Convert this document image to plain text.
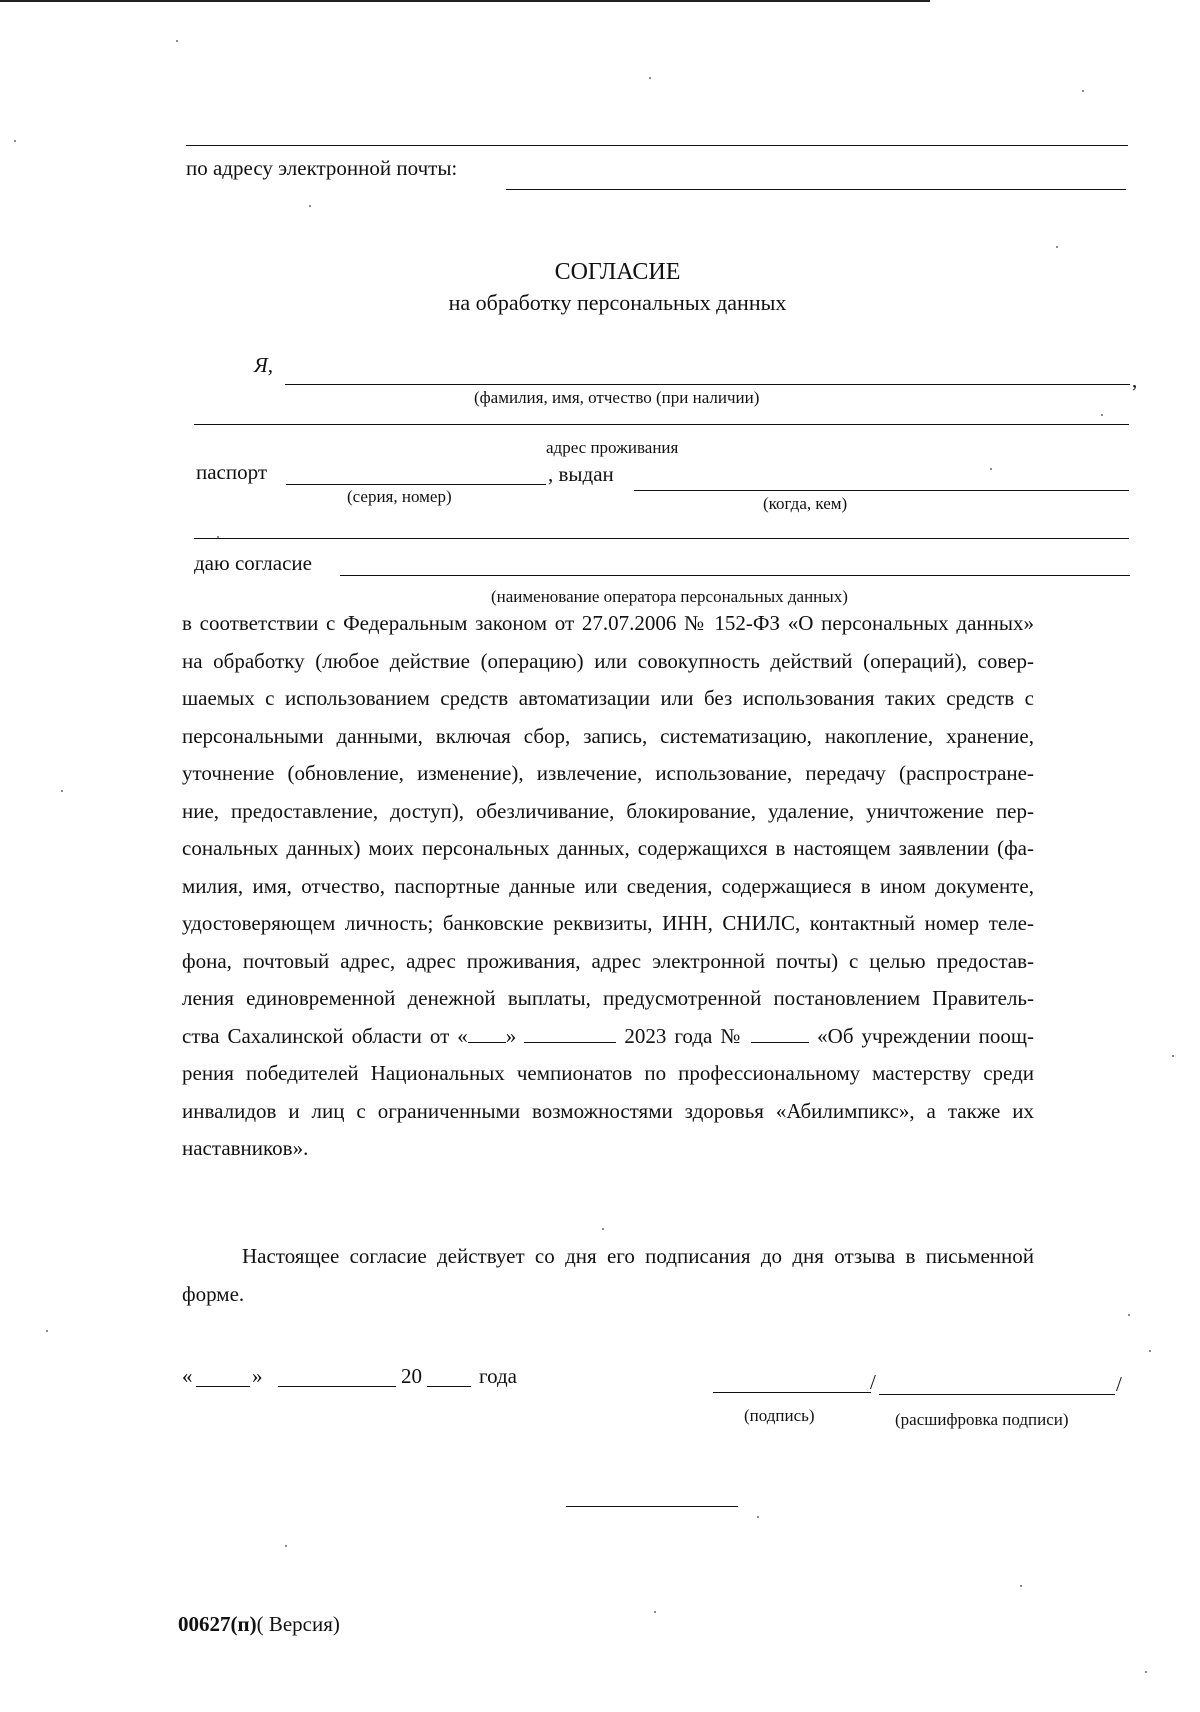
по адресу электронной почты:
СОГЛАСИЕ
на обработку персональных данных
Я,
,
(фамилия, имя, отчество (при наличии)
адрес проживания
паспорт	, выдан
(серия, номер)	(когда, кем)
даю согласие
(наименование оператора персональных данных)
в соответствии с Федеральным законом от 27.07.2006 № 152-ФЗ «О персональных данных»
на обработку (любое действие (операцию) или совокупность действий (операций), совер-
шаемых с использованием средств автоматизации или без использования таких средств с
персональными данными, включая сбор, запись, систематизацию, накопление, хранение,
уточнение (обновление, изменение), извлечение, использование, передачу (распростране-
ние, предоставление, доступ), обезличивание, блокирование, удаление, уничтожение пер-
сональных данных) моих персональных данных, содержащихся в настоящем заявлении (фа-
милия, имя, отчество, паспортные данные или сведения, содержащиеся в ином документе,
удостоверяющем личность; банковские реквизиты, ИНН, СНИЛС, контактный номер теле-
фона, почтовый адрес, адрес проживания, адрес электронной почты) с целью предостав-
ления единовременной денежной выплаты, предусмотренной постановлением Правитель-
ства Сахалинской области от « »	2023 года №	«Об учреждении поощ-
рения победителей Национальных чемпионатов по профессиональному мастерству среди
инвалидов и лиц с ограниченными возможностями здоровья «Абилимпикс», а также их
наставников».
Настоящее согласие действует со дня его подписания до дня отзыва в письменной
форме.
«	»	20	года	/	/
(подпись)	(расшифровка подписи)
00627(п)( Версия)
